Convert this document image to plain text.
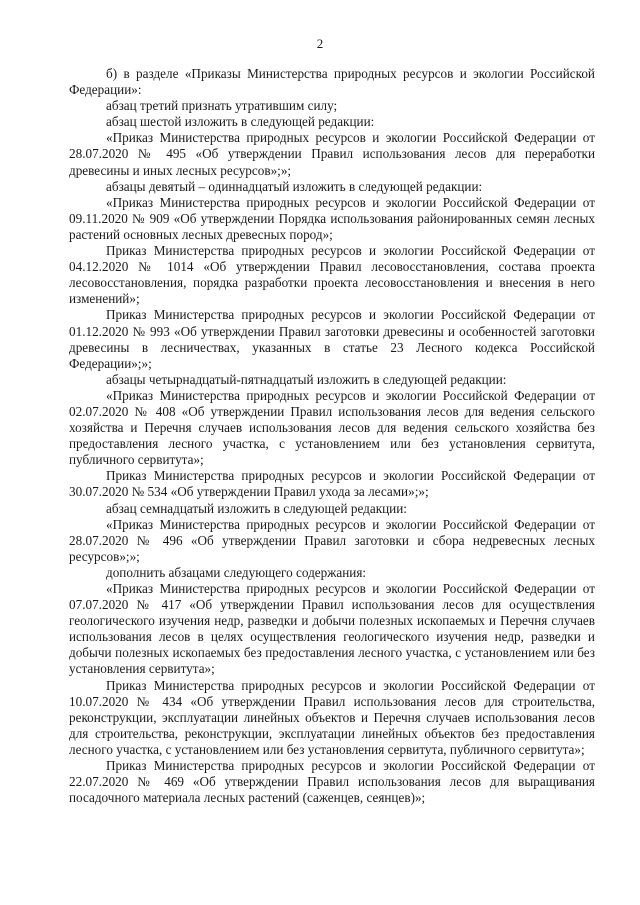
2

б) в разделе «Приказы Министерства природных ресурсов и экологии Российской Федерации»:

абзац третий признать утратившим силу;

абзац шестой изложить в следующей редакции:

«Приказ Министерства природных ресурсов и экологии Российской Федерации от 28.07.2020 № 495 «Об утверждении Правил использования лесов для переработки древесины и иных лесных ресурсов»;»;

абзацы девятый – одиннадцатый изложить в следующей редакции:

«Приказ Министерства природных ресурсов и экологии Российской Федерации от 09.11.2020 № 909 «Об утверждении Порядка использования районированных семян лесных растений основных лесных древесных пород»;

Приказ Министерства природных ресурсов и экологии Российской Федерации от 04.12.2020 № 1014 «Об утверждении Правил лесовосстановления, состава проекта лесовосстановления, порядка разработки проекта лесовосстановления и внесения в него изменений»;

Приказ Министерства природных ресурсов и экологии Российской Федерации от 01.12.2020 № 993 «Об утверждении Правил заготовки древесины и особенностей заготовки древесины в лесничествах, указанных в статье 23 Лесного кодекса Российской Федерации»;»;

абзацы четырнадцатый-пятнадцатый изложить в следующей редакции:

«Приказ Министерства природных ресурсов и экологии Российской Федерации от 02.07.2020 № 408 «Об утверждении Правил использования лесов для ведения сельского хозяйства и Перечня случаев использования лесов для ведения сельского хозяйства без предоставления лесного участка, с установлением или без установления сервитута, публичного сервитута»;

Приказ Министерства природных ресурсов и экологии Российской Федерации от 30.07.2020 № 534 «Об утверждении Правил ухода за лесами»;»;

абзац семнадцатый изложить в следующей редакции:

«Приказ Министерства природных ресурсов и экологии Российской Федерации от 28.07.2020 № 496 «Об утверждении Правил заготовки и сбора недревесных лесных ресурсов»;»;

дополнить абзацами следующего содержания:

«Приказ Министерства природных ресурсов и экологии Российской Федерации от 07.07.2020 № 417 «Об утверждении Правил использования лесов для осуществления геологического изучения недр, разведки и добычи полезных ископаемых и Перечня случаев использования лесов в целях осуществления геологического изучения недр, разведки и добычи полезных ископаемых без предоставления лесного участка, с установлением или без установления сервитута»;

Приказ Министерства природных ресурсов и экологии Российской Федерации от 10.07.2020 № 434 «Об утверждении Правил использования лесов для строительства, реконструкции, эксплуатации линейных объектов и Перечня случаев использования лесов для строительства, реконструкции, эксплуатации линейных объектов без предоставления лесного участка, с установлением или без установления сервитута, публичного сервитута»;

Приказ Министерства природных ресурсов и экологии Российской Федерации от 22.07.2020 № 469 «Об утверждении Правил использования лесов для выращивания посадочного материала лесных растений (саженцев, сеянцев)»;
